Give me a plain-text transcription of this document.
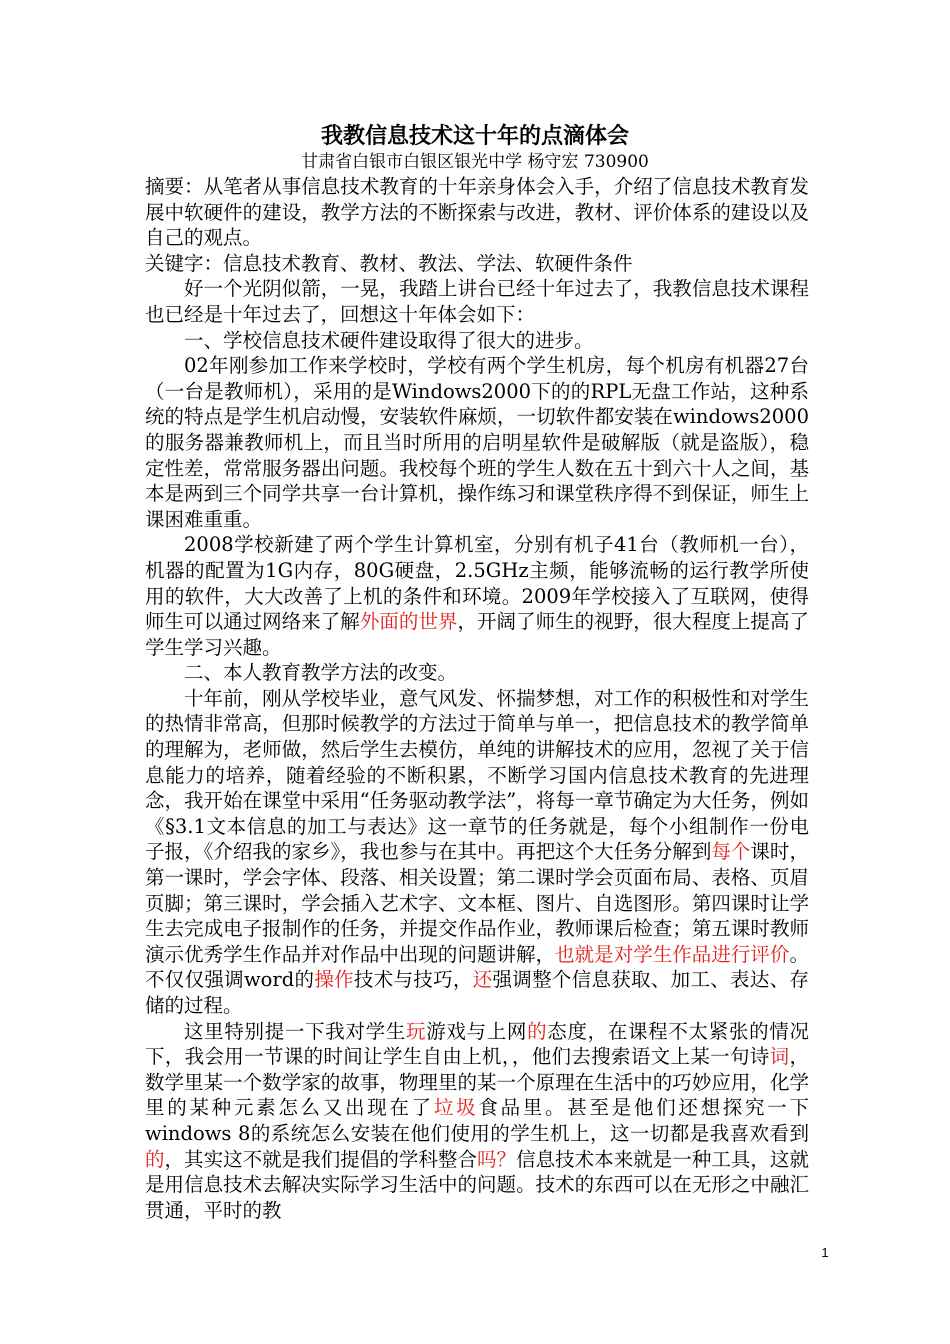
我教信息技术这十年的点滴体会
甘肃省白银市白银区银光中学 杨守宏 730900

摘要：从笔者从事信息技术教育的十年亲身体会入手，介绍了信息技术教育发展中软硬件的建设，教学方法的不断探索与改进，教材、评价体系的建设以及自己的观点。

关键字：信息技术教育、教材、教法、学法、软硬件条件

好一个光阴似箭，一晃，我踏上讲台已经十年过去了，我教信息技术课程也已经是十年过去了，回想这十年体会如下：

一、学校信息技术硬件建设取得了很大的进步。

02年刚参加工作来学校时，学校有两个学生机房，每个机房有机器27台（一台是教师机），采用的是Windows2000下的的RPL无盘工作站，这种系统的特点是学生机启动慢，安装软件麻烦，一切软件都安装在windows2000的服务器兼教师机上，而且当时所用的启明星软件是破解版（就是盗版），稳定性差，常常服务器出问题。我校每个班的学生人数在五十到六十人之间，基本是两到三个同学共享一台计算机，操作练习和课堂秩序得不到保证，师生上课困难重重。

2008学校新建了两个学生计算机室，分别有机子41台（教师机一台），机器的配置为1G内存，80G硬盘，2.5GHz主频，能够流畅的运行教学所使用的软件，大大改善了上机的条件和环境。2009年学校接入了互联网，使得师生可以通过网络来了解外面的世界，开阔了师生的视野，很大程度上提高了学生学习兴趣。

二、本人教育教学方法的改变。

十年前，刚从学校毕业，意气风发、怀揣梦想，对工作的积极性和对学生的热情非常高，但那时候教学的方法过于简单与单一，把信息技术的教学简单的理解为，老师做，然后学生去模仿，单纯的讲解技术的应用，忽视了关于信息能力的培养，随着经验的不断积累，不断学习国内信息技术教育的先进理念，我开始在课堂中采用“任务驱动教学法”，将每一章节确定为大任务，例如《§3.1文本信息的加工与表达》这一章节的任务就是，每个小组制作一份电子报，《介绍我的家乡》，我也参与在其中。再把这个大任务分解到每个课时，第一课时，学会字体、段落、相关设置；第二课时学会页面布局、表格、页眉页脚；第三课时，学会插入艺术字、文本框、图片、自选图形。第四课时让学生去完成电子报制作的任务，并提交作品作业，教师课后检查；第五课时教师演示优秀学生作品并对作品中出现的问题讲解，也就是对学生作品进行评价。不仅仅强调word的操作技术与技巧，还强调整个信息获取、加工、表达、存储的过程。

这里特别提一下我对学生玩游戏与上网的态度，在课程不太紧张的情况下，我会用一节课的时间让学生自由上机，，他们去搜索语文上某一句诗词，数学里某一个数学家的故事，物理里的某一个原理在生活中的巧妙应用，化学里的某种元素怎么又出现在了垃圾食品里。甚至是他们还想探究一下windows 8的系统怎么安装在他们使用的学生机上，这一切都是我喜欢看到的，其实这不就是我们提倡的学科整合吗？信息技术本来就是一种工具，这就是用信息技术去解决实际学习生活中的问题。技术的东西可以在无形之中融汇贯通，平时的教

1
